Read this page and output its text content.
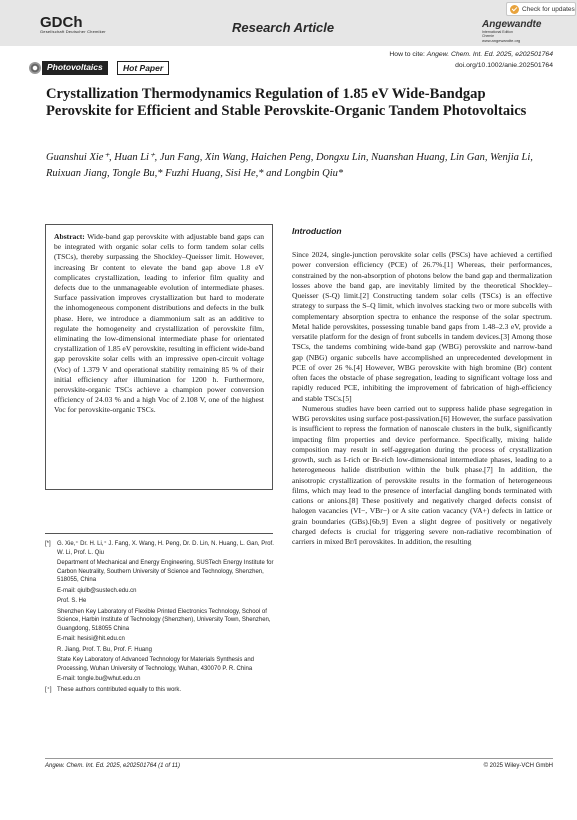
GDCh
Gesellschaft Deutscher Chemiker	Research Article	Angewandte
International Edition
Chemie
www.angewandte.org
Check for updates
Photovoltaics	Hot Paper
How to cite: Angew. Chem. Int. Ed. 2025, e202501764
doi.org/10.1002/anie.202501764
Crystallization Thermodynamics Regulation of 1.85 eV Wide-Bandgap Perovskite for Efficient and Stable Perovskite-Organic Tandem Photovoltaics
Guanshui Xie⁺, Huan Li⁺, Jun Fang, Xin Wang, Haichen Peng, Dongxu Lin, Nuanshan Huang, Lin Gan, Wenjia Li, Ruixuan Jiang, Tongle Bu,* Fuzhi Huang, Sisi He,* and Longbin Qiu*
Abstract: Wide-band gap perovskite with adjustable band gaps can be integrated with organic solar cells to form tandem solar cells (TSCs), thereby surpassing the Shockley–Queisser limit. However, increasing Br content to elevate the band gap above 1.8 eV complicates crystallization, leading to inferior film quality and defects due to the unmanageable evolution of intermediate phases. Surface passivation improves crystallization but hard to moderate the inhomogeneous component distributions and defects in the bulk phase. Here, we introduce a diammonium salt as an additive to regulate the homogeneity and crystallization of perovskite film, eliminating the low-dimensional intermediate phase for orientated crystallization of 1.85 eV perovskite, resulting in efficient wide-band gap perovskite solar cells with an impressive open-circuit voltage (Voc) of 1.379 V and operational stability remaining 85 % of their initial efficiency after illumination for 1200 h. Furthermore, perovskite-organic TSCs achieve a champion power conversion efficiency of 24.03 % and a high Voc of 2.108 V, one of the highest Voc for perovskite-organic TSCs.
Introduction

Since 2024, single-junction perovskite solar cells (PSCs) have achieved a certified power conversion efficiency (PCE) of 26.7%.[1] Whereas, their performances, constrained by the non-absorption of photons below the band gap and thermalization losses above the band gap, are inevitably limited by the theoretical Shockley–Queisser (S-Q) limit.[2] Constructing tandem solar cells (TSCs) is an effective strategy to surpass the S–Q limit, which involves stacking two or more subcells with complementary absorption spectra to enhance the response of the solar spectrum. Metal halide perovskites, possessing tunable band gaps from 1.48–2.3 eV, provide a versatile platform for the design of front subcells in tandem devices.[3] Among those TSCs, the tandems combining wide-band gap (WBG) perovskite and narrow-band gap (NBG) organic subcells have accomplished an unprecedented development in PCE of over 26 %.[4] However, WBG perovskite with high bromine (Br) content often faces the obstacle of phase segregation, leading to significant voltage loss and rapidly reduced PCE, inhibiting the improvement of fabrication of high-efficiency and stable TSCs.[5]

Numerous studies have been carried out to suppress halide phase segregation in WBG perovskites using surface post-passivation.[6] However, the surface passivation is insufficient to repress the formation of nanoscale clusters in the bulk, significantly impacting film properties and device performance. Specifically, mixing halide composition may result in self-aggregation during the process of crystallization growth, such as I-rich or Br-rich low-dimensional intermediate phases, leading to a heterogeneous halide distribution within the bulk phase.[7] In addition, the anisotropic crystallization of perovskite results in the formation of heterogeneous films, which may lead to the presence of interfacial dangling bonds terminated with cations or anions.[8] These positively and negatively charged defects consist of halogen vacancies (VI−, VBr−) or A site cation vacancy (VA+) defects in lattice or grain boundaries (GBs).[6b,9] Even a slight degree of positively or negatively charged defects is crucial for triggering severe non-radiative recombination of carriers in mixed Br/I perovskites. In addition, the resulting

[*] G. Xie,⁺ Dr. H. Li,⁺ J. Fang, X. Wang, H. Peng, Dr. D. Lin, N. Huang, L. Gan, Prof. W. Li, Prof. L. Qiu
Department of Mechanical and Energy Engineering, SUSTech Energy Institute for Carbon Neutrality, Southern University of Science and Technology, Shenzhen, 518055, China
E-mail: qiulb@sustech.edu.cn
Prof. S. He
Shenzhen Key Laboratory of Flexible Printed Electronics Technology, School of Science, Harbin Institute of Technology (Shenzhen), University Town, Shenzhen, Guangdong, 518055 China
E-mail: hesisi@hit.edu.cn
R. Jiang, Prof. T. Bu, Prof. F. Huang
State Key Laboratory of Advanced Technology for Materials Synthesis and Processing, Wuhan University of Technology, Wuhan, 430070 P. R. China
E-mail: tongle.bu@whut.edu.cn
[⁺] These authors contributed equally to this work.
Angew. Chem. Int. Ed. 2025, e202501764 (1 of 11)	© 2025 Wiley-VCH GmbH
